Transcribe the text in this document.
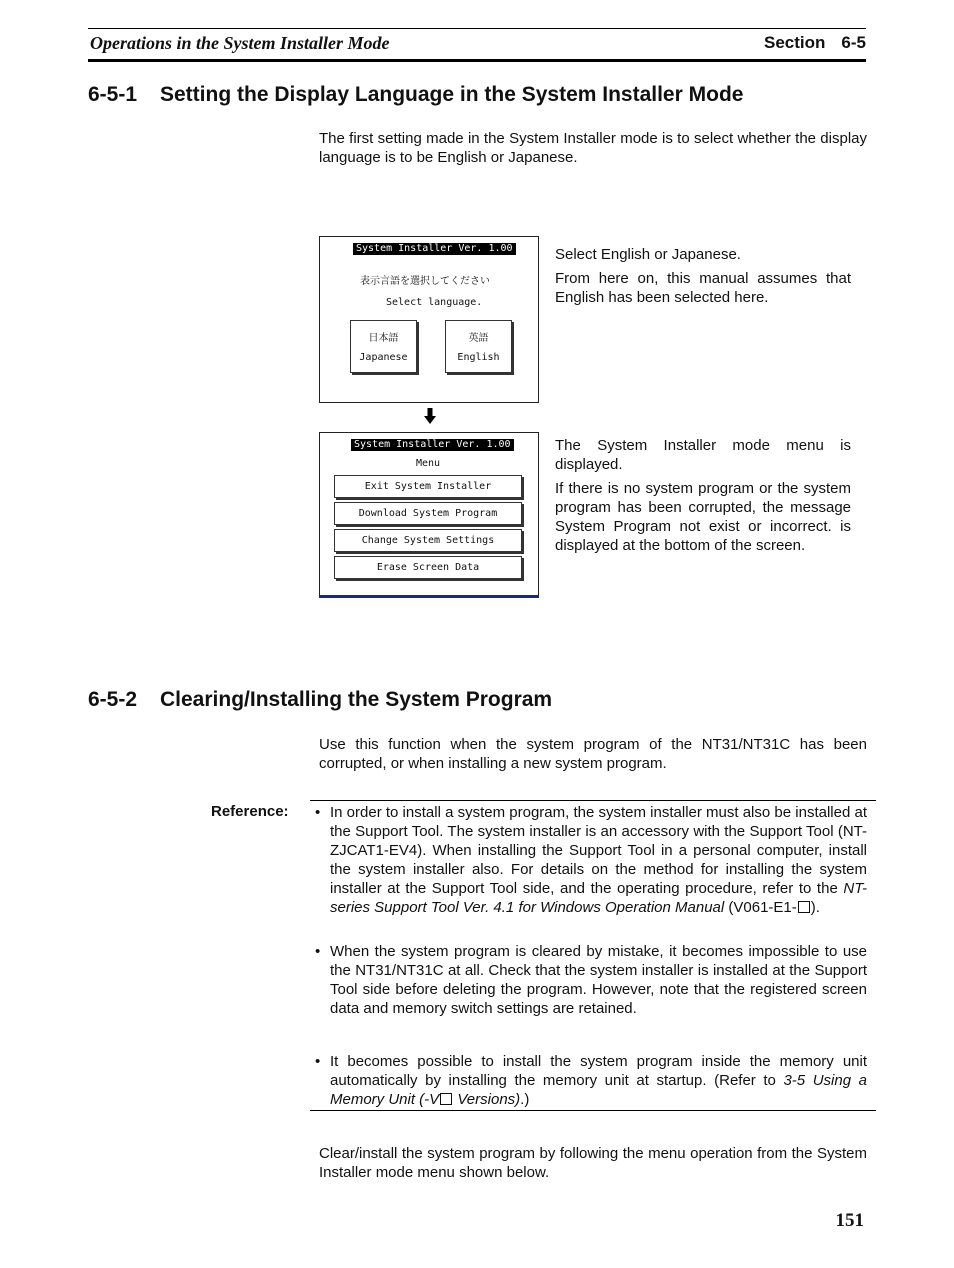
Operations in the System Installer Mode	Section 6-5
6-5-1 Setting the Display Language in the System Installer Mode

The first setting made in the System Installer mode is to select whether the display language is to be English or Japanese.

System Installer Ver. 1.00
表示言語を選択してください
Select language.
日本語
Japanese
英語
English

Select English or Japanese.

From here on, this manual assumes that English has been selected here.

System Installer Ver. 1.00
Menu
Exit System Installer
Download System Program
Change System Settings
Erase Screen Data

The System Installer mode menu is displayed.

If there is no system program or the system program has been corrupted, the message System Program not exist or incorrect. is displayed at the bottom of the screen.

6-5-2 Clearing/Installing the System Program

Use this function when the system program of the NT31/NT31C has been corrupted, or when installing a new system program.

Reference: • In order to install a system program, the system installer must also be installed at the Support Tool. The system installer is an accessory with the Support Tool (NT-ZJCAT1-EV4). When installing the Support Tool in a personal computer, install the system installer also. For details on the method for installing the system installer at the Support Tool side, and the operating procedure, refer to the NT-series Support Tool Ver. 4.1 for Windows Operation Manual (V061-E1- ).
• When the system program is cleared by mistake, it becomes impossible to use the NT31/NT31C at all. Check that the system installer is installed at the Support Tool side before deleting the program. However, note that the registered screen data and memory switch settings are retained.
• It becomes possible to install the system program inside the memory unit automatically by installing the memory unit at startup. (Refer to 3-5 Using a Memory Unit (-V Versions).)

Clear/install the system program by following the menu operation from the System Installer mode menu shown below.

151
